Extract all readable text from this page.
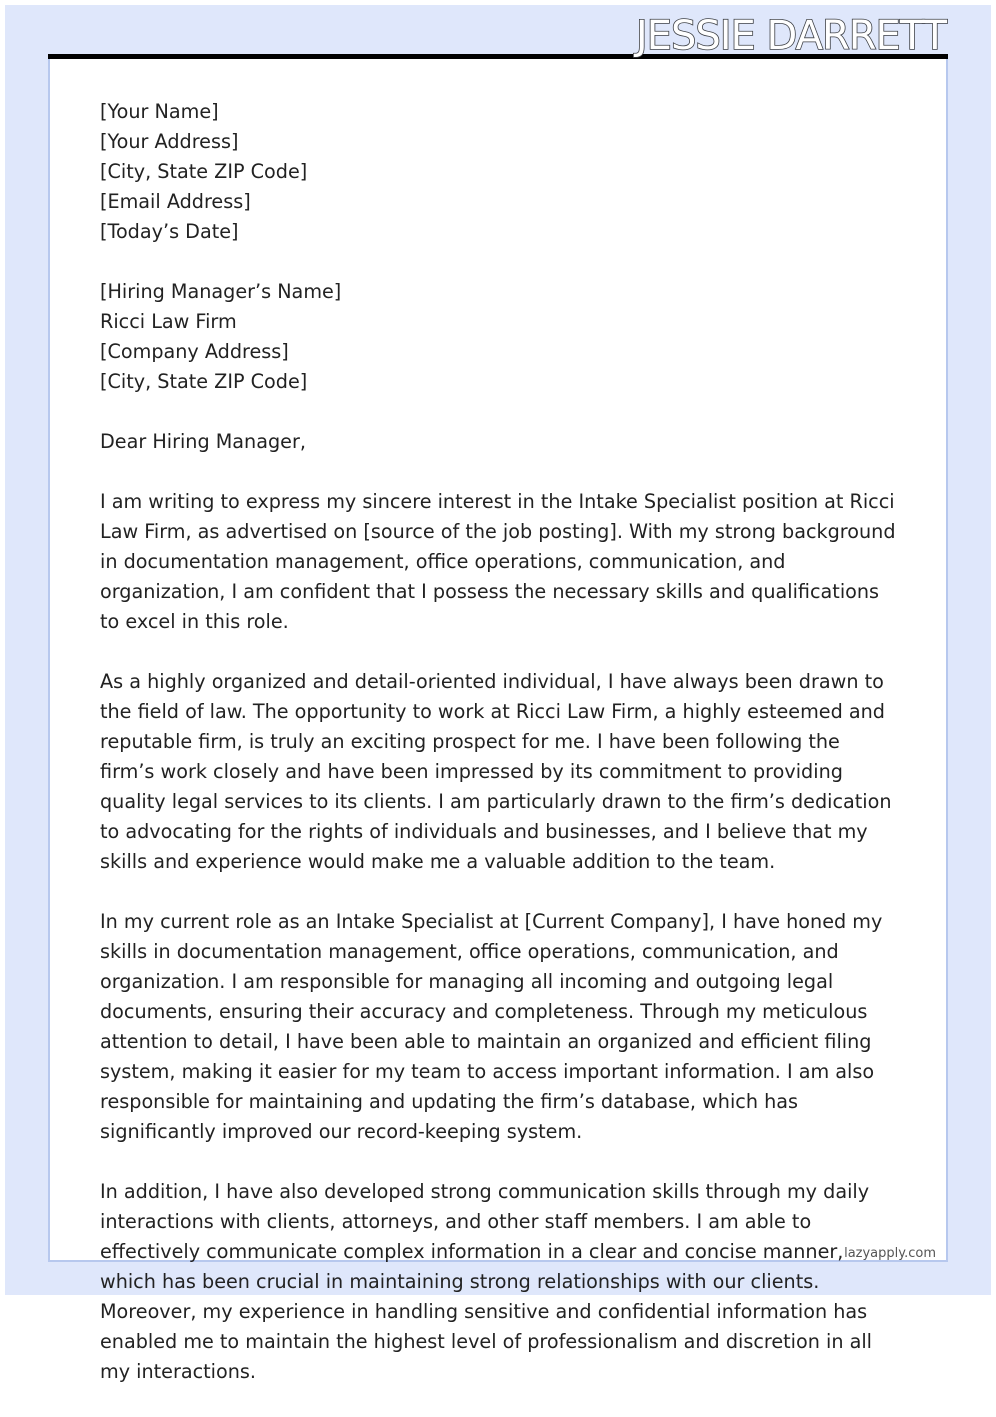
JESSIE DARRETT
[Your Name]
[Your Address]
[City, State ZIP Code]
[Email Address]
[Today’s Date]
[Hiring Manager’s Name]
Ricci Law Firm
[Company Address]
[City, State ZIP Code]
Dear Hiring Manager,

I am writing to express my sincere interest in the Intake Specialist position at Ricci Law Firm, as advertised on [source of the job posting]. With my strong background in documentation management, office operations, communication, and organization, I am confident that I possess the necessary skills and qualifications to excel in this role.

As a highly organized and detail-oriented individual, I have always been drawn to the field of law. The opportunity to work at Ricci Law Firm, a highly esteemed and reputable firm, is truly an exciting prospect for me. I have been following the firm’s work closely and have been impressed by its commitment to providing quality legal services to its clients. I am particularly drawn to the firm’s dedication to advocating for the rights of individuals and businesses, and I believe that my skills and experience would make me a valuable addition to the team.

In my current role as an Intake Specialist at [Current Company], I have honed my skills in documentation management, office operations, communication, and organization. I am responsible for managing all incoming and outgoing legal documents, ensuring their accuracy and completeness. Through my meticulous attention to detail, I have been able to maintain an organized and efficient filing system, making it easier for my team to access important information. I am also responsible for maintaining and updating the firm’s database, which has significantly improved our record-keeping system.

In addition, I have also developed strong communication skills through my daily interactions with clients, attorneys, and other staff members. I am able to effectively communicate complex information in a clear and concise manner, which has been crucial in maintaining strong relationships with our clients. Moreover, my experience in handling sensitive and confidential information has enabled me to maintain the highest level of professionalism and discretion in all my interactions.

lazyapply.com
